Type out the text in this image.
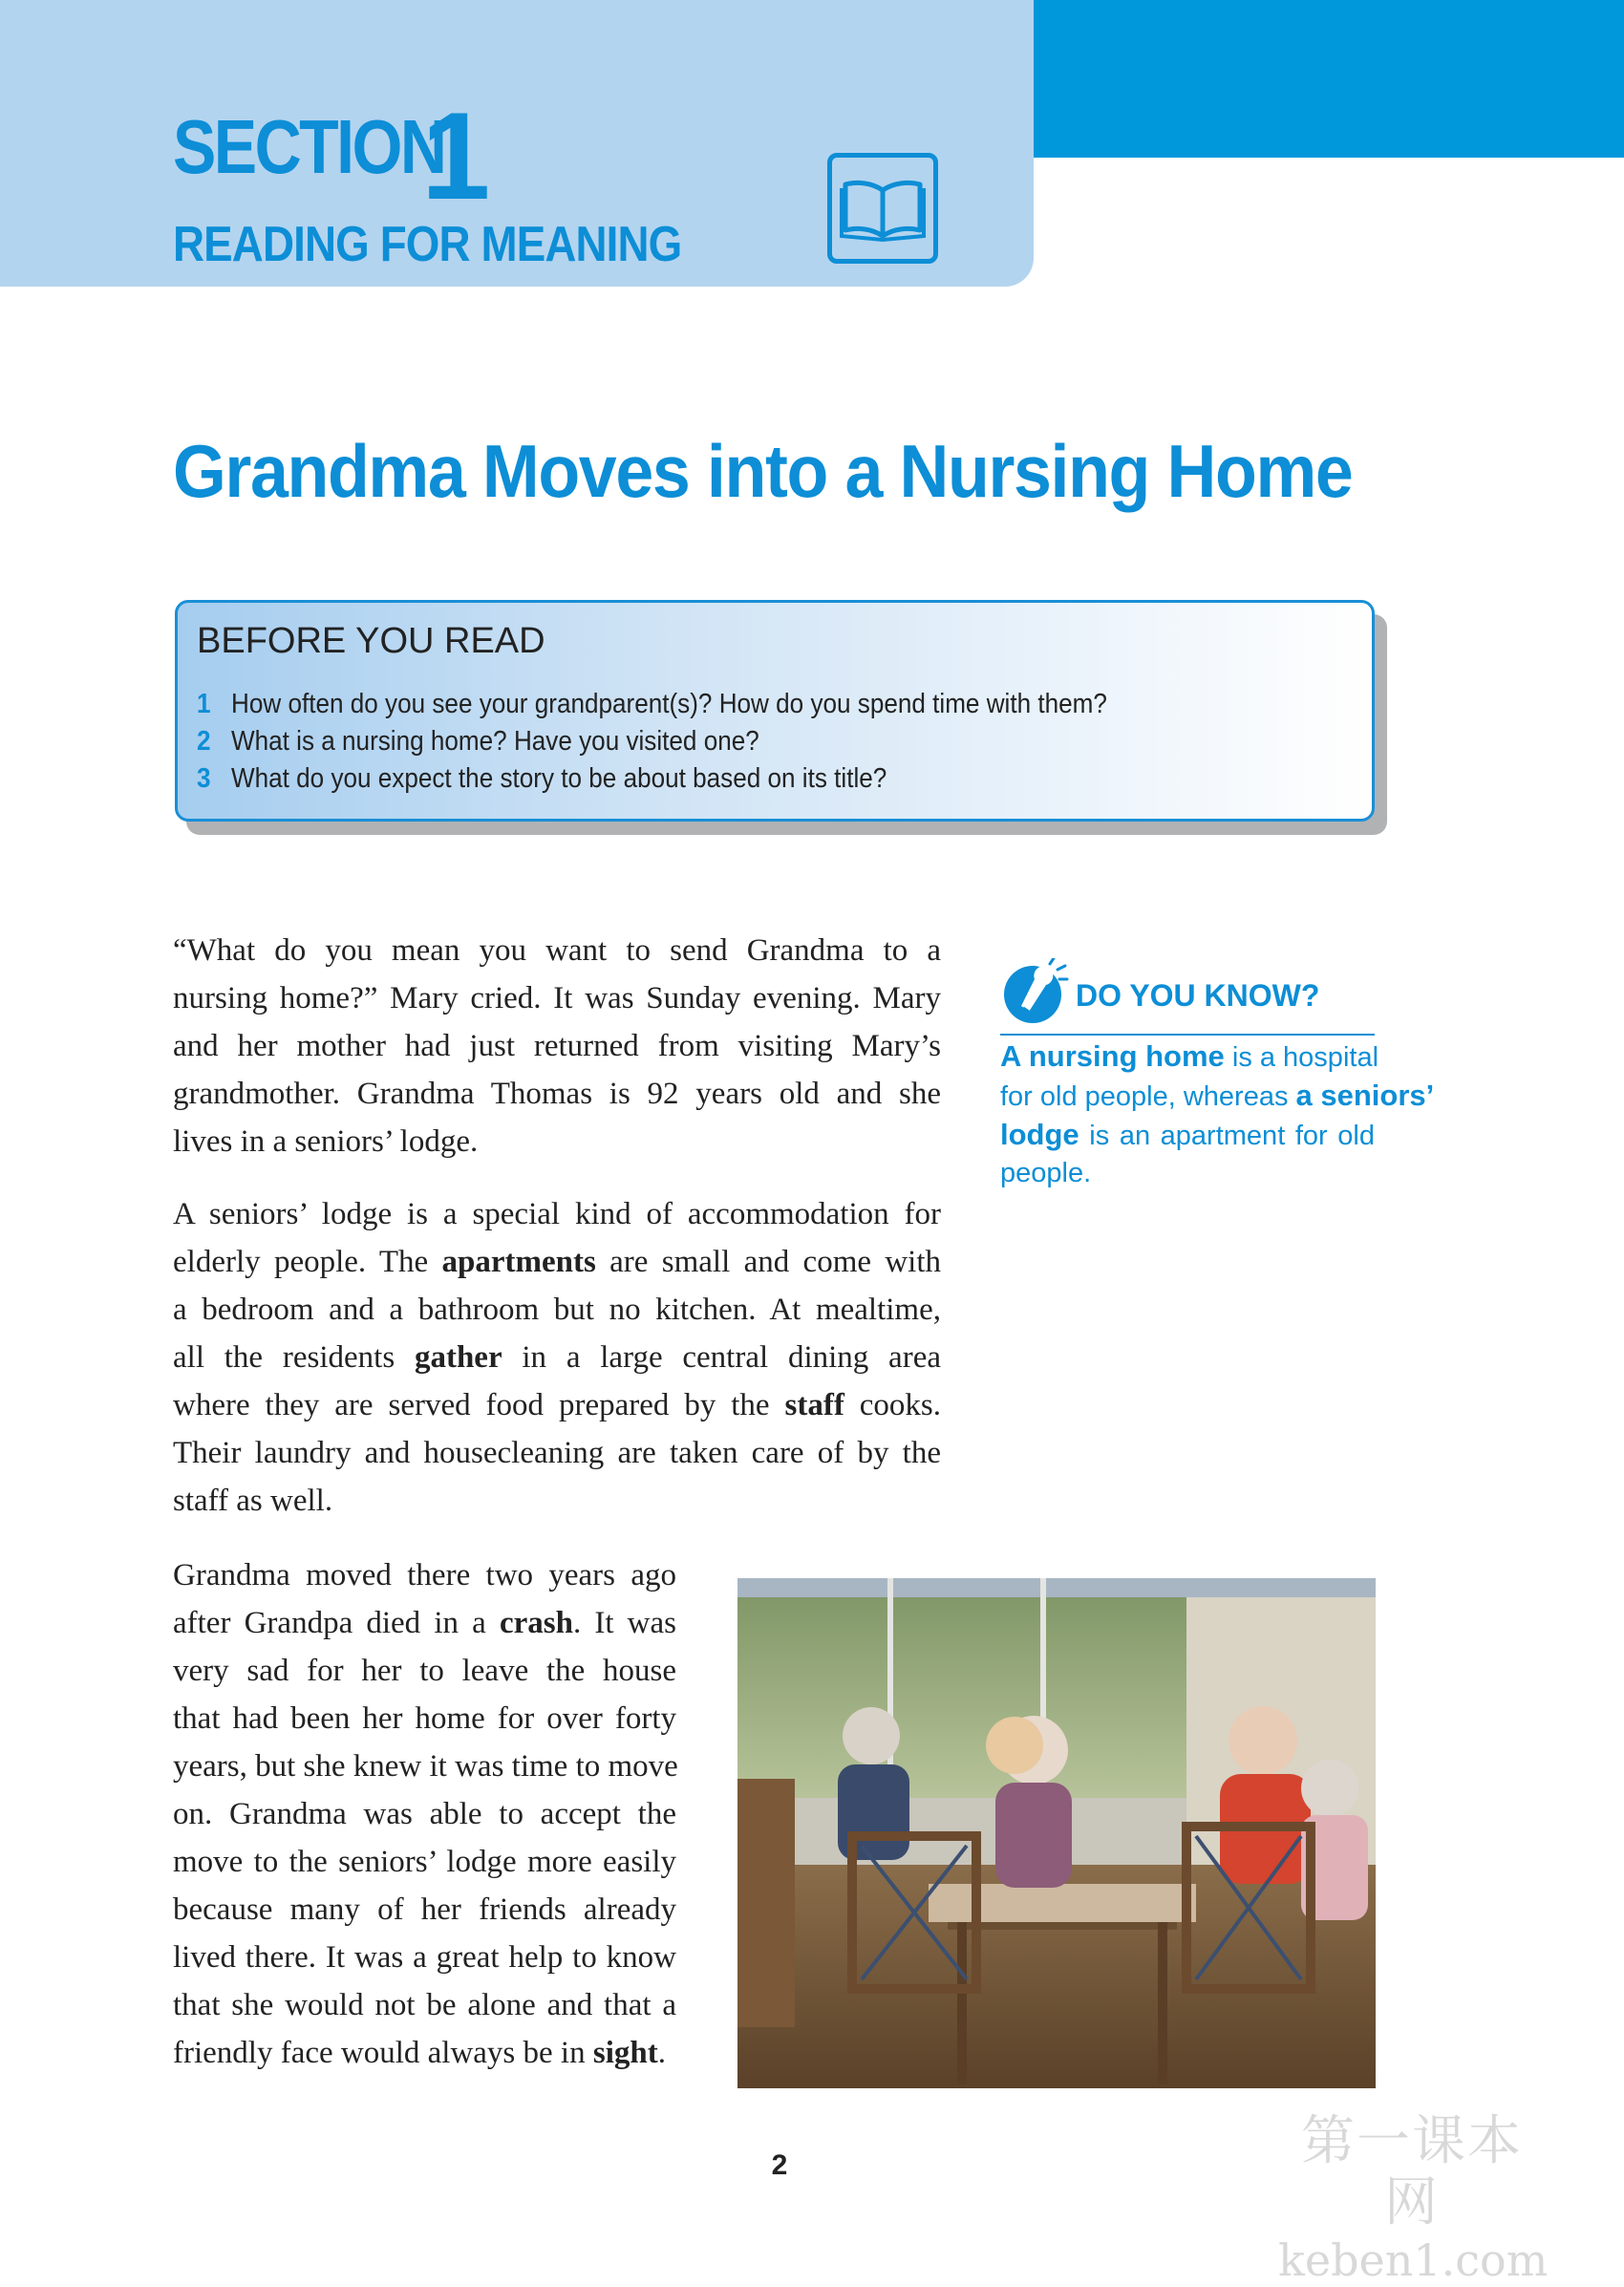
SECTION
1
READING FOR MEANING
Grandma Moves into a Nursing Home
BEFORE YOU READ
1 How often do you see your grandparent(s)? How do you spend time with them?
2 What is a nursing home? Have you visited one?
3 What do you expect the story to be about based on its title?
“What do you mean you want to send Grandma to a
nursing home?” Mary cried. It was Sunday evening. Mary
and her mother had just returned from visiting Mary’s
grandmother. Grandma Thomas is 92 years old and she
lives in a seniors’ lodge.
A seniors’ lodge is a special kind of accommodation for
elderly people. The apartments are small and come with
a bedroom and a bathroom but no kitchen. At mealtime,
all the residents gather in a large central dining area
where they are served food prepared by the staff cooks.
Their laundry and housecleaning are taken care of by the
staff as well.
Grandma moved there two years ago
after Grandpa died in a crash. It was
very sad for her to leave the house
that had been her home for over forty
years, but she knew it was time to move
on. Grandma was able to accept the
move to the seniors’ lodge more easily
because many of her friends already
lived there. It was a great help to know
that she would not be alone and that a
friendly face would always be in sight.
DO YOU KNOW?
A nursing home is a hospital
for old people, whereas a seniors’
lodge is an apartment for old
people.
2	第一课本网
keben1.com
